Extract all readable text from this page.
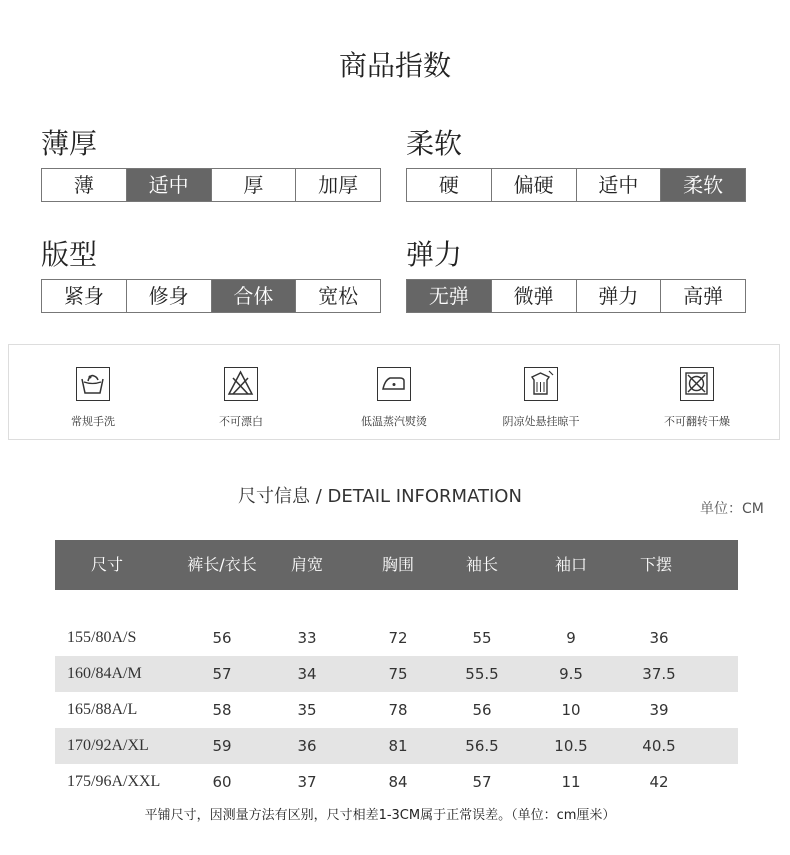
商品指数
薄厚
薄	适中	厚	加厚
柔软
硬	偏硬	适中	柔软
版型
紧身	修身	合体	宽松
弹力
无弹	微弹	弹力	高弹
常规手洗	不可漂白	低温蒸汽熨烫	阴凉处悬挂晾干	不可翻转干燥
尺寸信息 / DETAIL INFORMATION
单位：CM
尺寸	裤长/衣长	肩宽	胸围	袖长	袖口	下摆
155/80A/S	56	33	72	55	9	36
160/84A/M	57	34	75	55.5	9.5	37.5
165/88A/L	58	35	78	56	10	39
170/92A/XL	59	36	81	56.5	10.5	40.5
175/96A/XXL	60	37	84	57	11	42
平铺尺寸，因测量方法有区别，尺寸相差1-3CM属于正常误差。（单位：cm厘米）
